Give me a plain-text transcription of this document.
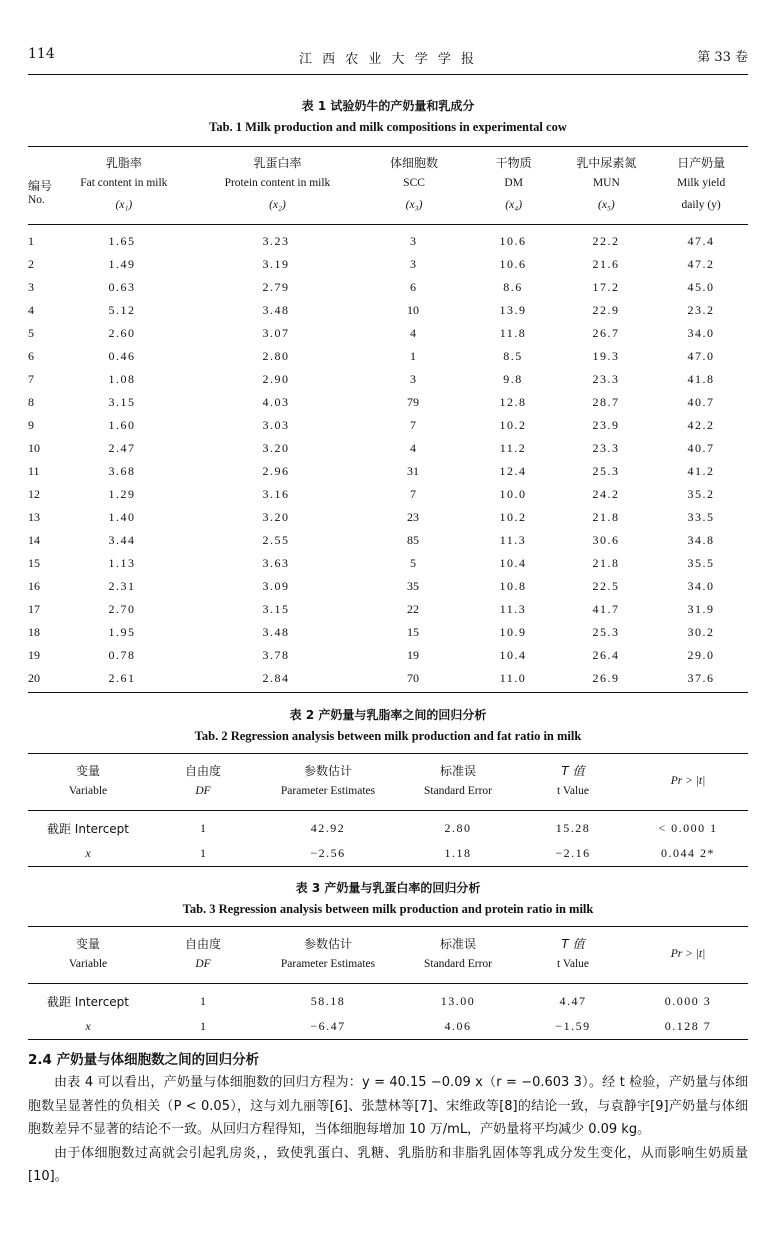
114	江 西 农 业 大 学 学 报	第 33 卷
表 1 试验奶牛的产奶量和乳成分
Tab. 1 Milk production and milk compositions in experimental cow
编号	乳脂率	乳蛋白率	体细胞数	干物质	乳中尿素氮	日产奶量
	Fat content in milk	Protein content in milk	SCC	DM	MUN	Milk yield
No.	(x₁)	(x₂)	(x₃)	(x₄)	(x₅)	daily (y)
1	1.65	3.23	3	10.6	22.2	47.4
2	1.49	3.19	3	10.6	21.6	47.2
3	0.63	2.79	6	8.6	17.2	45.0
4	5.12	3.48	10	13.9	22.9	23.2
5	2.60	3.07	4	11.8	26.7	34.0
6	0.46	2.80	1	8.5	19.3	47.0
7	1.08	2.90	3	9.8	23.3	41.8
8	3.15	4.03	79	12.8	28.7	40.7
9	1.60	3.03	7	10.2	23.9	42.2
10	2.47	3.20	4	11.2	23.3	40.7
11	3.68	2.96	31	12.4	25.3	41.2
12	1.29	3.16	7	10.0	24.2	35.2
13	1.40	3.20	23	10.2	21.8	33.5
14	3.44	2.55	85	11.3	30.6	34.8
15	1.13	3.63	5	10.4	21.8	35.5
16	2.31	3.09	35	10.8	22.5	34.0
17	2.70	3.15	22	11.3	41.7	31.9
18	1.95	3.48	15	10.9	25.3	30.2
19	0.78	3.78	19	10.4	26.4	29.0
20	2.61	2.84	70	11.0	26.9	37.6
表 2 产奶量与乳脂率之间的回归分析
Tab. 2 Regression analysis between milk production and fat ratio in milk
变量	自由度	参数估计	标准误	T 值	Pr > |t|
Variable	DF	Parameter Estimates	Standard Error	t Value	
截距 Intercept	1	42.92	2.80	15.28	< 0.000 1
x	1	−2.56	1.18	−2.16	0.044 2*
表 3 产奶量与乳蛋白率的回归分析
Tab. 3 Regression analysis between milk production and protein ratio in milk
变量	自由度	参数估计	标准误	T 值	Pr > |t|
Variable	DF	Parameter Estimates	Standard Error	t Value	
截距 Intercept	1	58.18	13.00	4.47	0.000 3
x	1	−6.47	4.06	−1.59	0.128 7
2.4 产奶量与体细胞数之间的回归分析

由表 4 可以看出，产奶量与体细胞数的回归方程为：y = 40.15 −0.09 x（r = −0.603 3）。经 t 检验，产奶量与体细胞数呈显著性的负相关（P < 0.05），这与刘九丽等[6]、张慧林等[7]、宋维政等[8]的结论一致，与袁静宇[9]产奶量与体细胞数差异不显著的结论不一致。从回归方程得知，当体细胞每增加 10 万/mL，产奶量将平均减少 0.09 kg。

由于体细胞数过高就会引起乳房炎，，致使乳蛋白、乳糖、乳脂肪和非脂乳固体等乳成分发生变化，从而影响生奶质量[10]。
